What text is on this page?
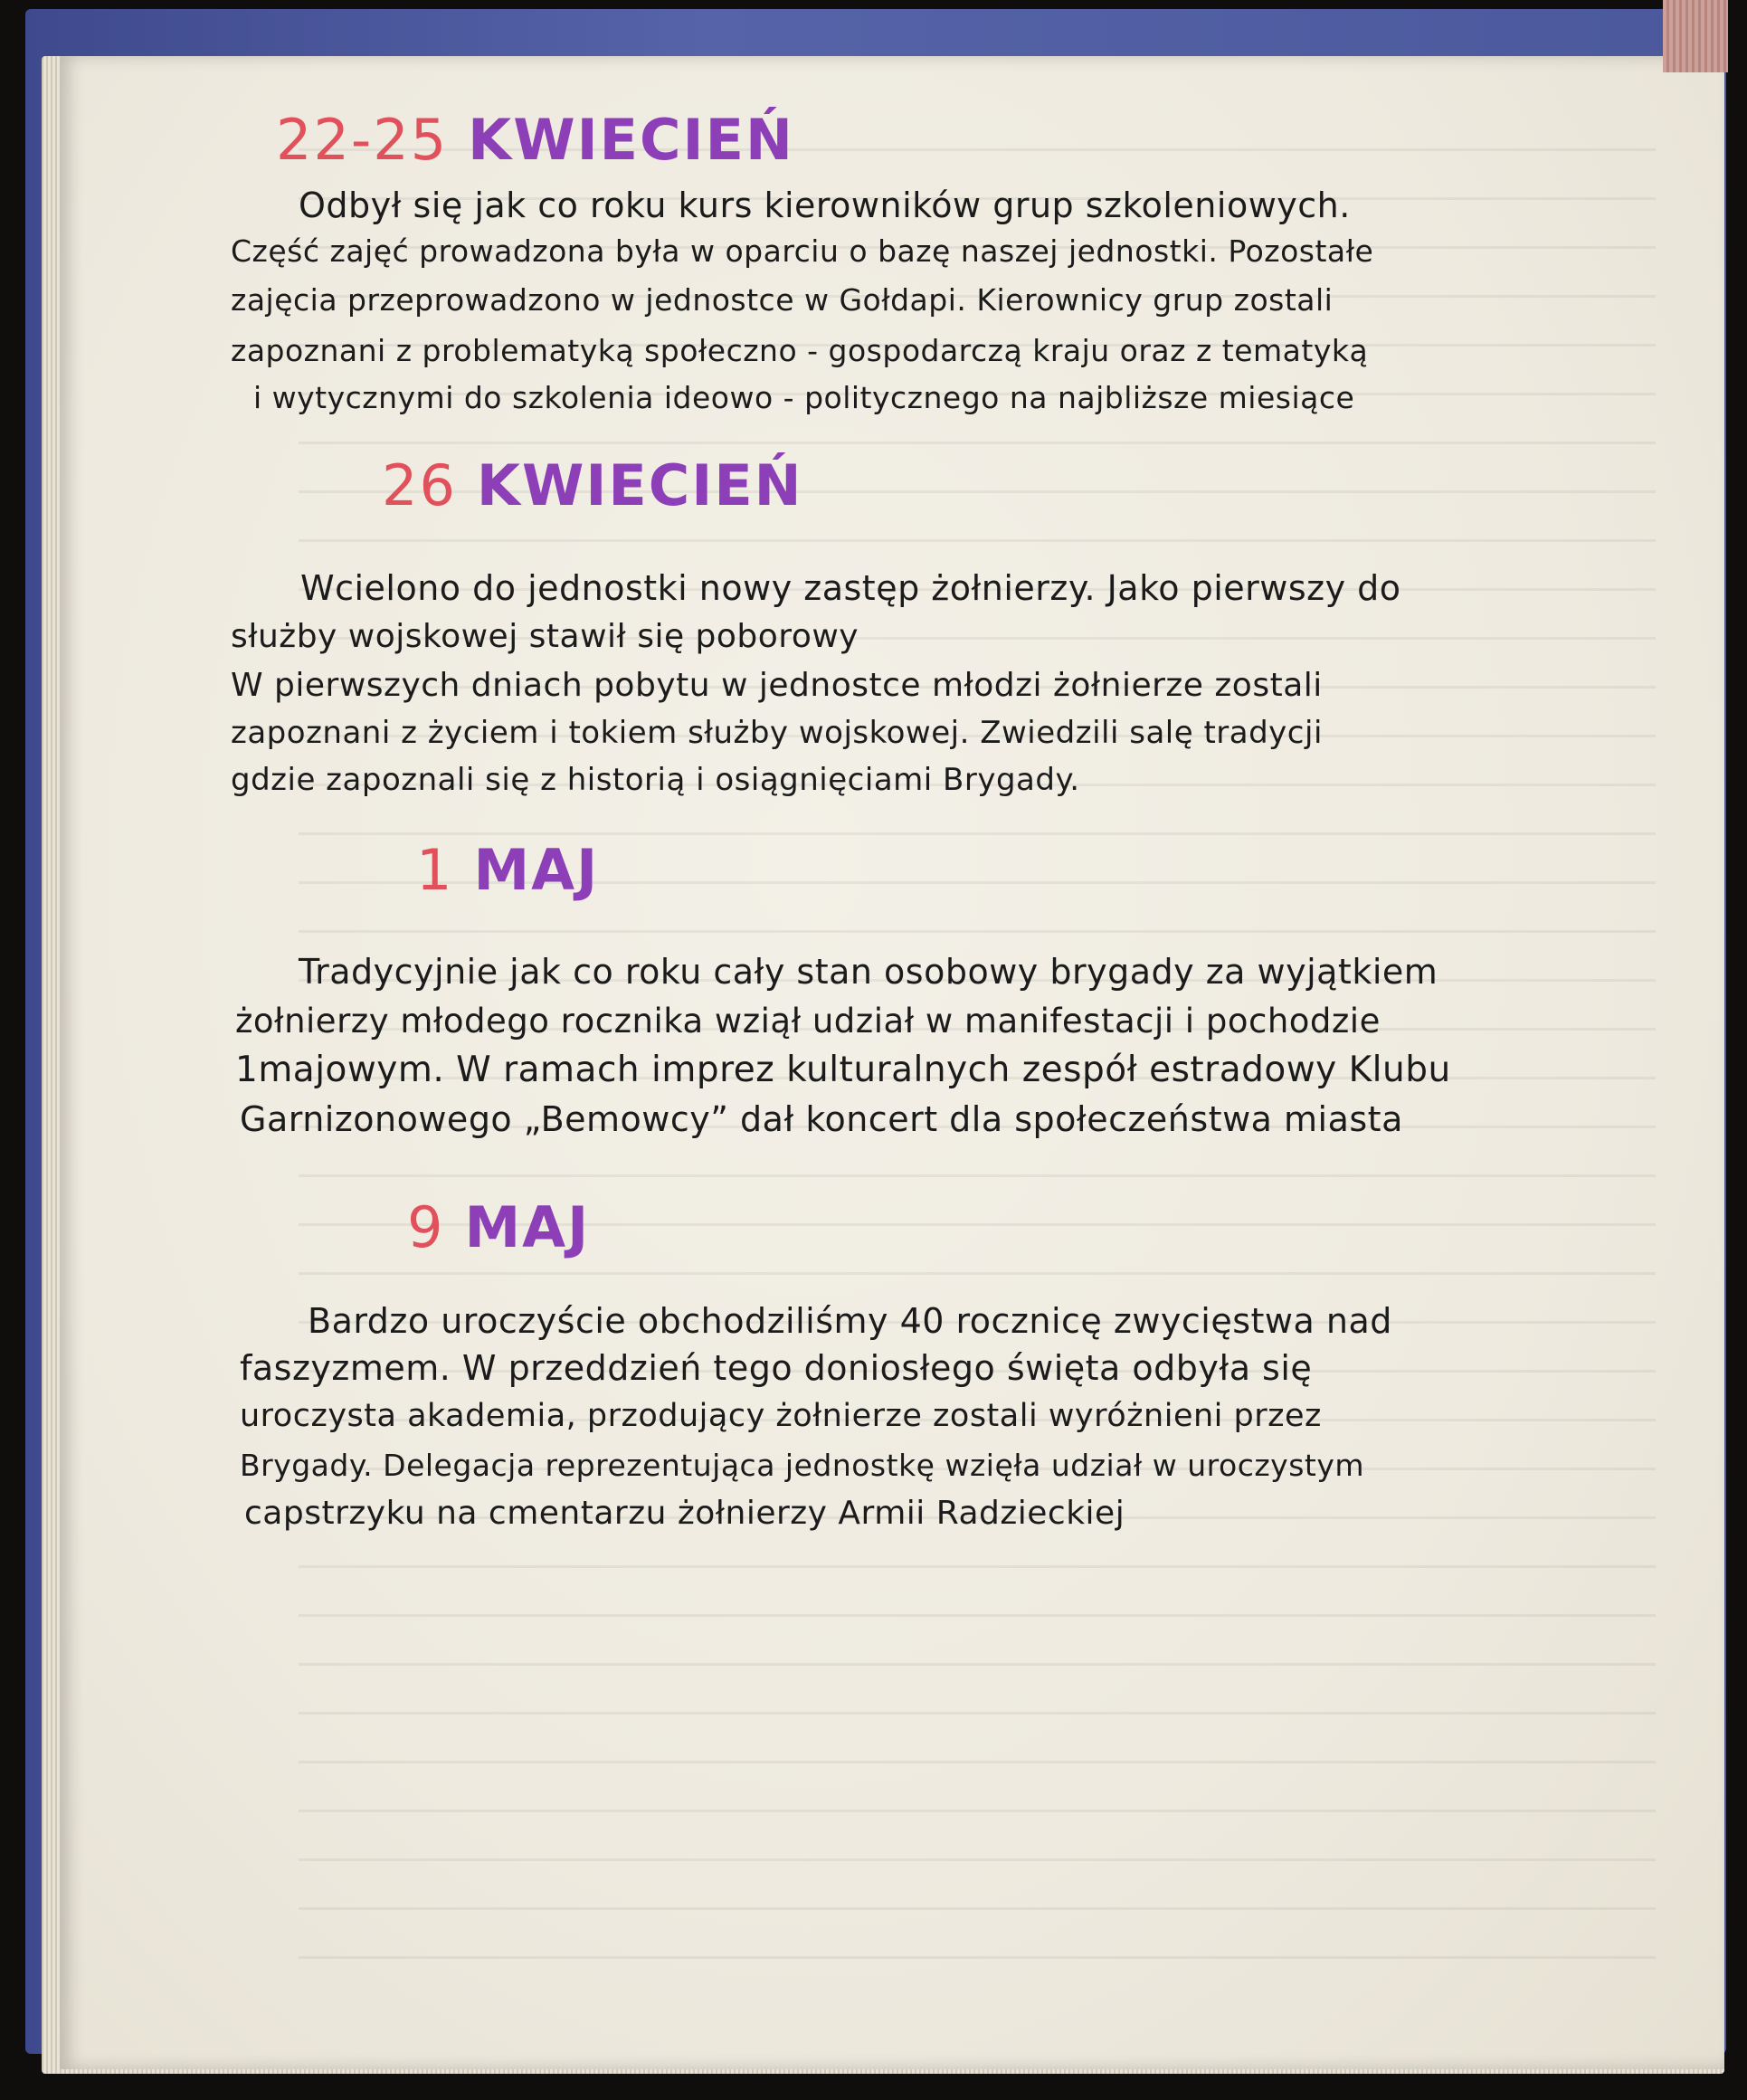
22-25 KWIECIEŃ
Odbył się jak co roku kurs kierowników grup szkoleniowych.
Część zajęć prowadzona była w oparciu o bazę naszej jednostki. Pozostałe
zajęcia przeprowadzono w jednostce w Gołdapi. Kierownicy grup zostali
zapoznani z problematyką społeczno - gospodarczą kraju oraz z tematyką
i wytycznymi do szkolenia ideowo - politycznego na najbliższe miesiące
26 KWIECIEŃ
Wcielono do jednostki nowy zastęp żołnierzy. Jako pierwszy do
służby wojskowej stawił się poborowy
W pierwszych dniach pobytu w jednostce młodzi żołnierze zostali
zapoznani z życiem i tokiem służby wojskowej. Zwiedzili salę tradycji
gdzie zapoznali się z historią i osiągnięciami Brygady.
1 MAJ
Tradycyjnie jak co roku cały stan osobowy brygady za wyjątkiem
żołnierzy młodego rocznika wziął udział w manifestacji i pochodzie
1majowym. W ramach imprez kulturalnych zespół estradowy Klubu
Garnizonowego „Bemowcy” dał koncert dla społeczeństwa miasta
9 MAJ
Bardzo uroczyście obchodziliśmy 40 rocznicę zwycięstwa nad
faszyzmem. W przeddzień tego doniosłego święta odbyła się
uroczysta akademia, przodujący żołnierze zostali wyróżnieni przez
Brygady. Delegacja reprezentująca jednostkę wzięła udział w uroczystym
capstrzyku na cmentarzu żołnierzy Armii Radzieckiej
